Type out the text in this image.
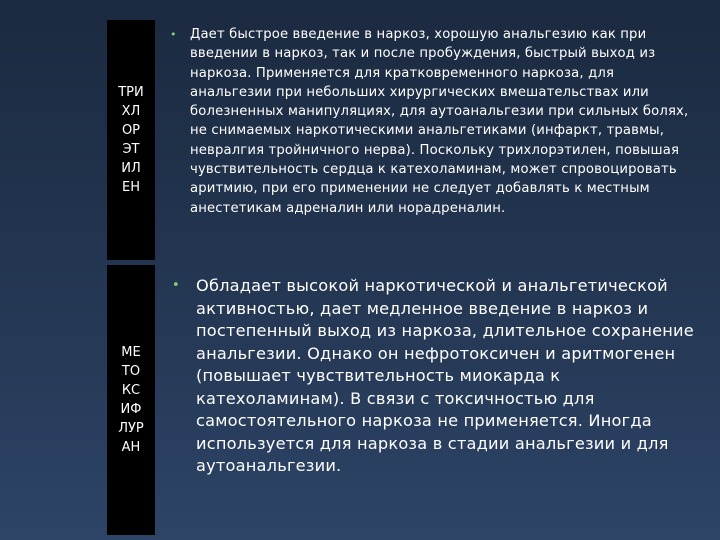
ТРИ
ХЛ
ОР
ЭТ
ИЛ
ЕН
• Дает быстрое введение в наркоз, хорошую анальгезию как при введении в наркоз, так и после пробуждения, быстрый выход из наркоза. Применяется для кратковременного наркоза, для анальгезии при небольших хирургических вмешательствах или болезненных манипуляциях, для аутоанальгезии при сильных болях, не снимаемых наркотическими анальгетиками (инфаркт, травмы, невралгия тройничного нерва). Поскольку трихлорэтилен, повышая чувствительность сердца к катехоламинам, может спровоцировать аритмию, при его применении не следует добавлять к местным анестетикам адреналин или норадреналин.
МЕ
ТО
КС
ИФ
ЛУР
АН
• Обладает высокой наркотической и анальгетической активностью, дает медленное введение в наркоз и постепенный выход из наркоза, длительное сохранение анальгезии. Однако он нефротоксичен и аритмогенен (повышает чувствительность миокарда к катехоламинам). В связи с токсичностью для самостоятельного наркоза не применяется. Иногда используется для наркоза в стадии анальгезии и для аутоанальгезии.
